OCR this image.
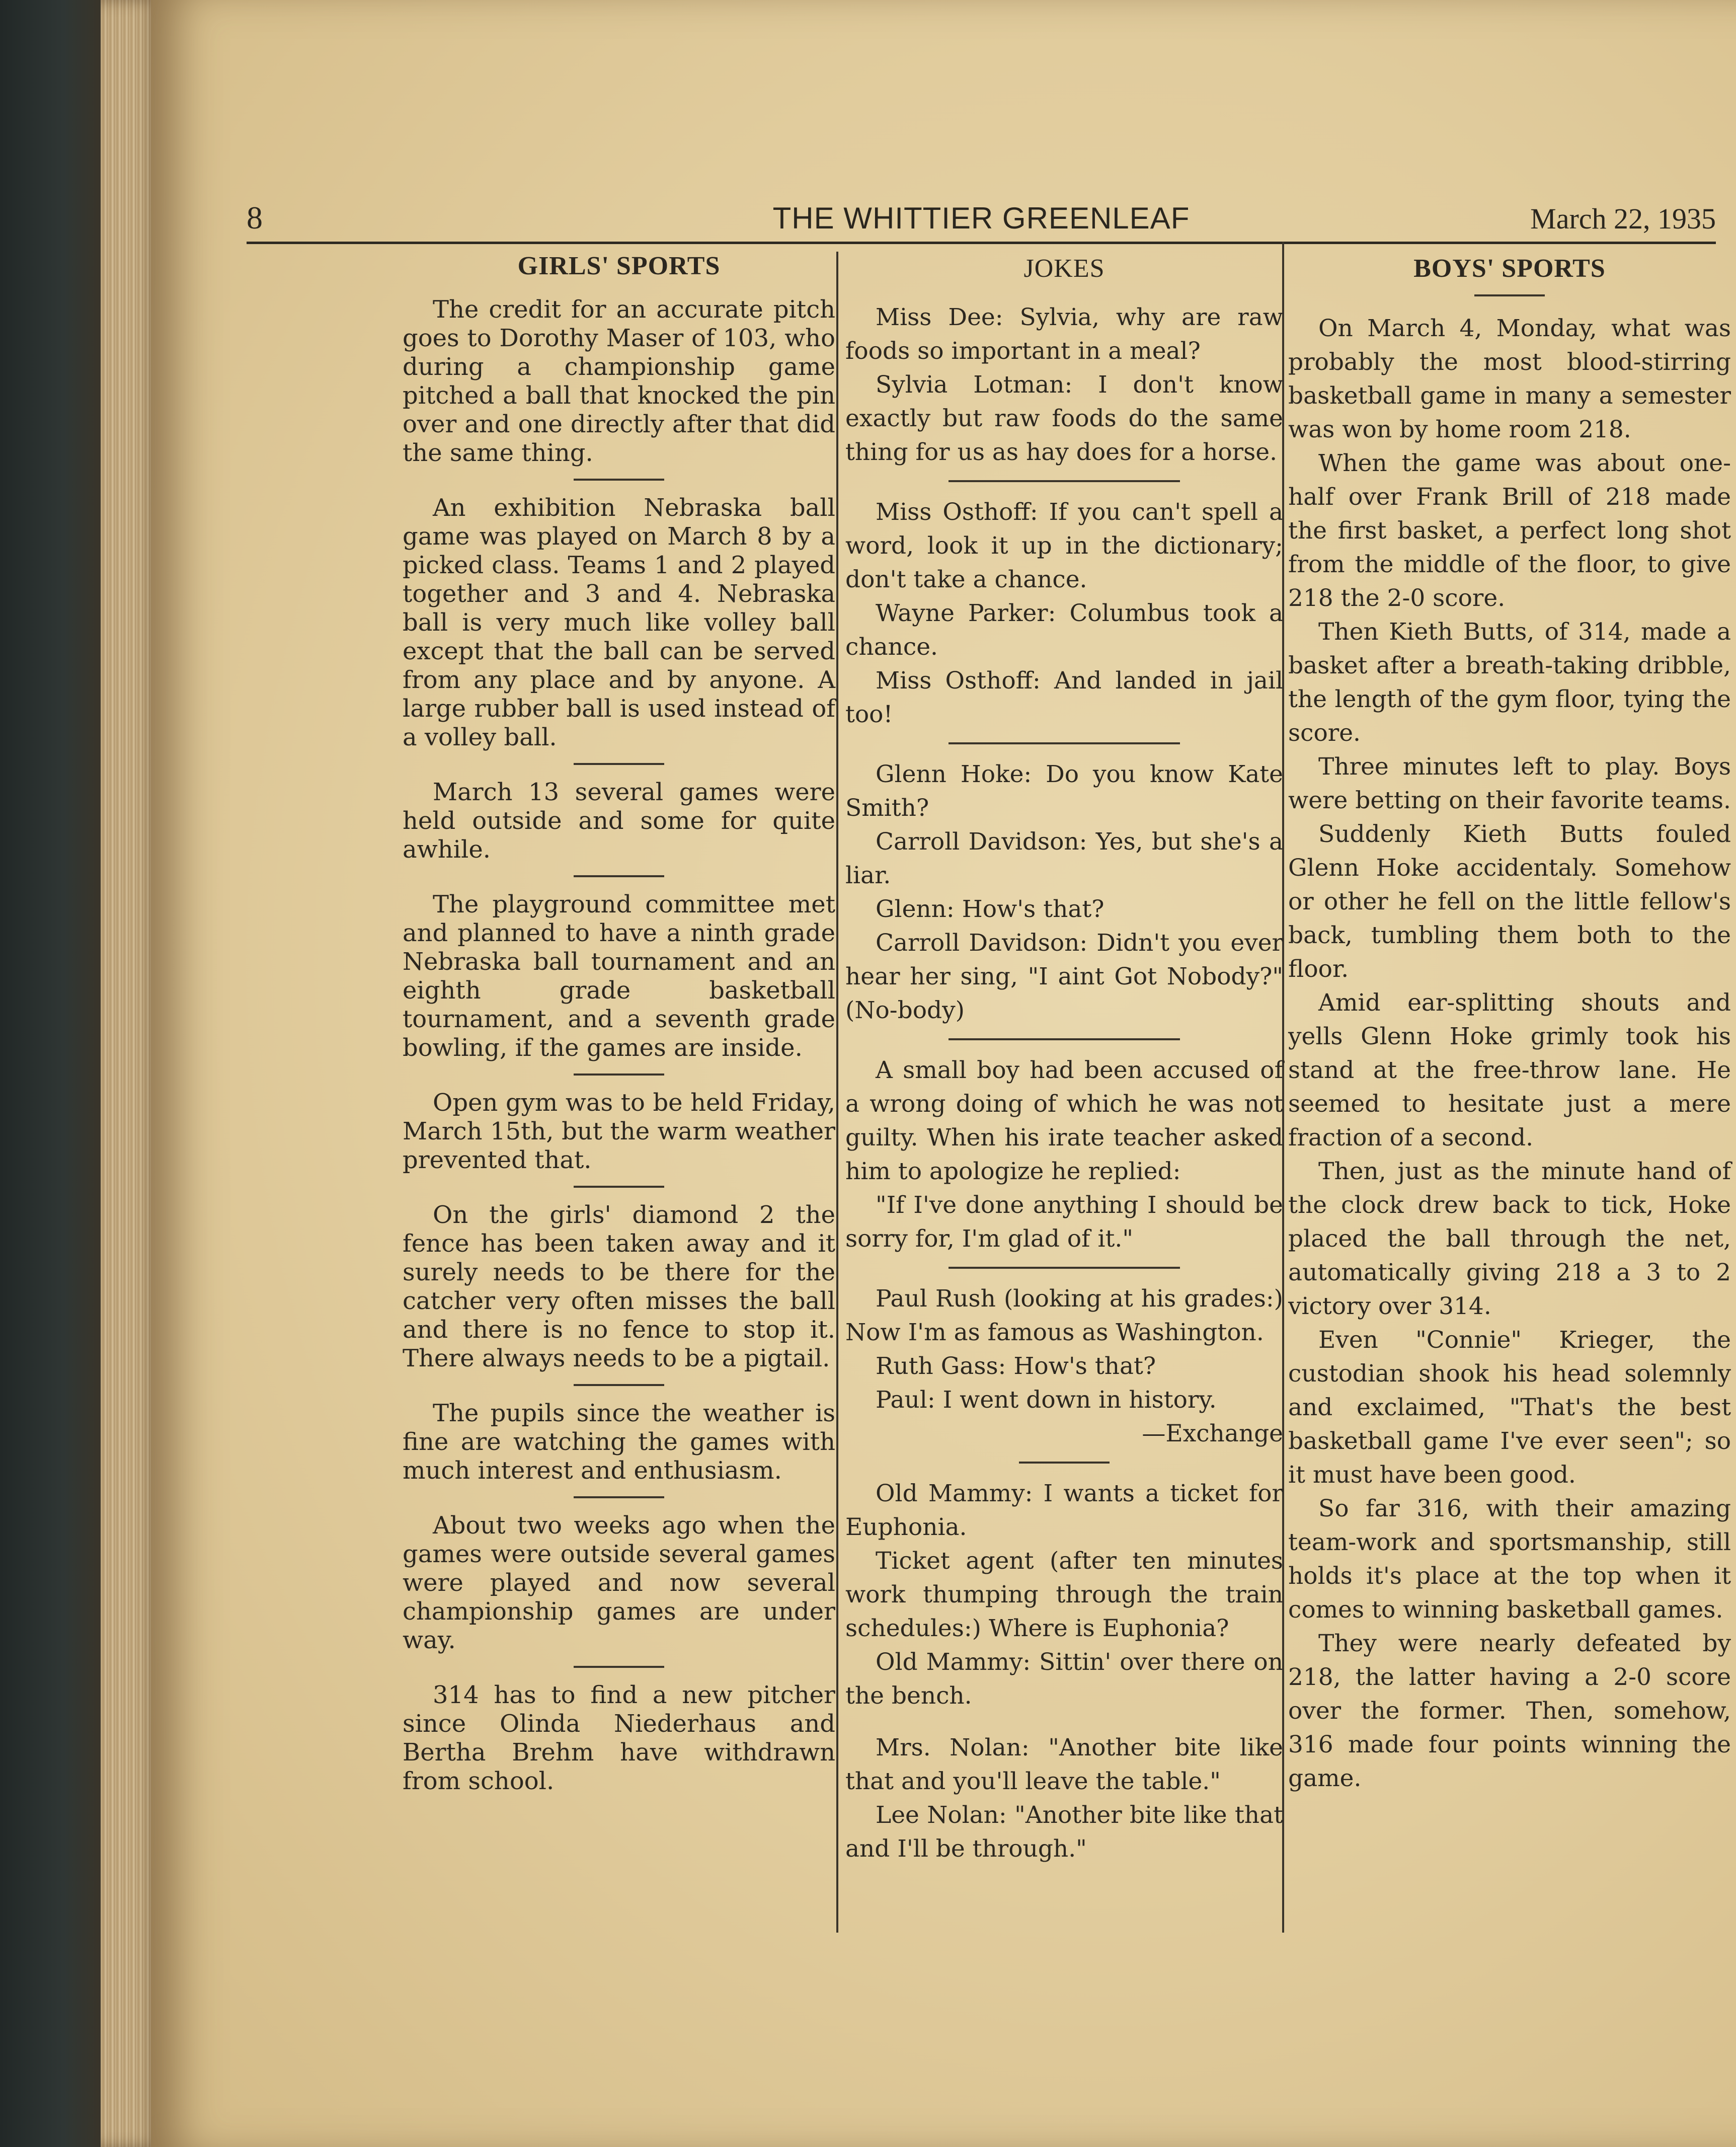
8	THE WHITTIER GREENLEAF	March 22, 1935
GIRLS' SPORTS

The credit for an accurate pitch goes to Dorothy Maser of 103, who during a championship game pitched a ball that knocked the pin over and one directly after that did the same thing.

An exhibition Nebraska ball game was played on March 8 by a picked class. Teams 1 and 2 played together and 3 and 4. Nebraska ball is very much like volley ball except that the ball can be served from any place and by anyone. A large rubber ball is used instead of a volley ball.

March 13 several games were held outside and some for quite awhile.

The playground committee met and planned to have a ninth grade Nebraska ball tournament and an eighth grade basketball tournament, and a seventh grade bowling, if the games are inside.

Open gym was to be held Friday, March 15th, but the warm weather prevented that.

On the girls' diamond 2 the fence has been taken away and it surely needs to be there for the catcher very often misses the ball and there is no fence to stop it. There always needs to be a pigtail.

The pupils since the weather is fine are watching the games with much interest and enthusiasm.

About two weeks ago when the games were outside several games were played and now several championship games are under way.

314 has to find a new pitcher since Olinda Niederhaus and Bertha Brehm have withdrawn from school.

JOKES

Miss Dee: Sylvia, why are raw foods so important in a meal?

Sylvia Lotman: I don't know exactly but raw foods do the same thing for us as hay does for a horse.

Miss Osthoff: If you can't spell a word, look it up in the dictionary; don't take a chance.

Wayne Parker: Columbus took a chance.

Miss Osthoff: And landed in jail too!

Glenn Hoke: Do you know Kate Smith?

Carroll Davidson: Yes, but she's a liar.

Glenn: How's that?

Carroll Davidson: Didn't you ever hear her sing, "I aint Got Nobody?" (No-body)

A small boy had been accused of a wrong doing of which he was not guilty. When his irate teacher asked him to apologize he replied:

"If I've done anything I should be sorry for, I'm glad of it."

Paul Rush (looking at his grades:) Now I'm as famous as Washington.

Ruth Gass: How's that?

Paul: I went down in history.

—Exchange

Old Mammy: I wants a ticket for Euphonia.

Ticket agent (after ten minutes work thumping through the train schedules:) Where is Euphonia?

Old Mammy: Sittin' over there on the bench.

Mrs. Nolan: "Another bite like that and you'll leave the table."

Lee Nolan: "Another bite like that and I'll be through."

BOYS' SPORTS

On March 4, Monday, what was probably the most blood-stirring basketball game in many a semester was won by home room 218.

When the game was about one-half over Frank Brill of 218 made the first basket, a perfect long shot from the middle of the floor, to give 218 the 2-0 score.

Then Kieth Butts, of 314, made a basket after a breath-taking dribble, the length of the gym floor, tying the score.

Three minutes left to play. Boys were betting on their favorite teams.

Suddenly Kieth Butts fouled Glenn Hoke accidentaly. Somehow or other he fell on the little fellow's back, tumbling them both to the floor.

Amid ear-splitting shouts and yells Glenn Hoke grimly took his stand at the free-throw lane. He seemed to hesitate just a mere fraction of a second.

Then, just as the minute hand of the clock drew back to tick, Hoke placed the ball through the net, automatically giving 218 a 3 to 2 victory over 314.

Even "Connie" Krieger, the custodian shook his head solemnly and exclaimed, "That's the best basketball game I've ever seen"; so it must have been good.

So far 316, with their amazing team-work and sportsmanship, still holds it's place at the top when it comes to winning basketball games.

They were nearly defeated by 218, the latter having a 2-0 score over the former. Then, somehow, 316 made four points winning the game.
